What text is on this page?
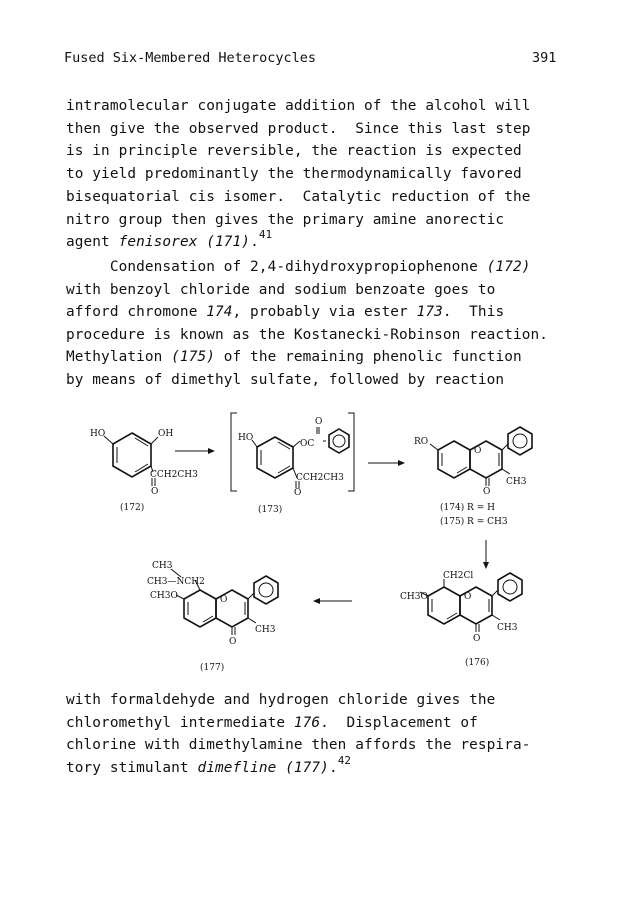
Fused Six-Membered Heterocycles	391
intramolecular conjugate addition of the alcohol will
then give the observed product.  Since this last step
is in principle reversible, the reaction is expected
to yield predominantly the thermodynamically favored
bisequatorial cis isomer.  Catalytic reduction of the
nitro group then gives the primary amine anorectic
agent fenisorex (171).$^{41}$
Condensation of 2,4-dihydroxypropiophenone (172)
with benzoyl chloride and sodium benzoate goes to
afford chromone 174, probably via ester 173.  This
procedure is known as the Kostanecki-Robinson reaction.
Methylation (175) of the remaining phenolic function
by means of dimethyl sulfate, followed by reaction
with formaldehyde and hydrogen chloride gives the
chloromethyl intermediate 176.  Displacement of
chlorine with dimethylamine then affords the respira-
tory stimulant dimefline (177).$^{42}$
HO	OH
CCH2CH3
O
(172)
HO
OC
O
CCH2CH3
O
(173)
RO
O
CH3
O
(174) R = H
(175) R = CH3
CH2Cl
CH3O	O
CH3
O
(176)
CH3
CH3—NCH2
CH3O	O
CH3
O
(177)
